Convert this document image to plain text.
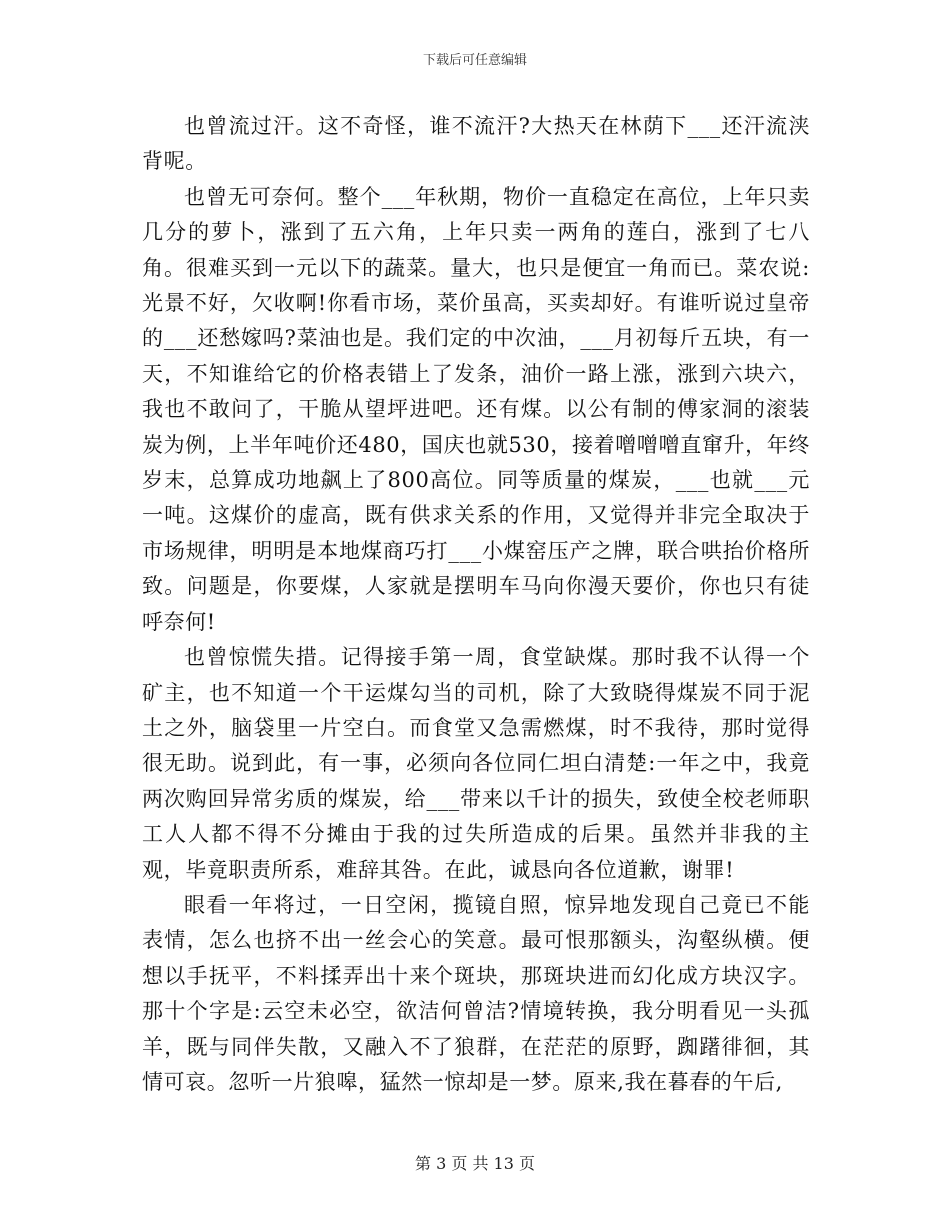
下载后可任意编辑

也曾流过汗。这不奇怪，谁不流汗?大热天在林荫下___还汗流浃背呢。

也曾无可奈何。整个___年秋期，物价一直稳定在高位，上年只卖几分的萝卜，涨到了五六角，上年只卖一两角的莲白，涨到了七八角。很难买到一元以下的蔬菜。量大，也只是便宜一角而已。菜农说:光景不好，欠收啊!你看市场，菜价虽高，买卖却好。有谁听说过皇帝的___还愁嫁吗?菜油也是。我们定的中次油，___月初每斤五块，有一天，不知谁给它的价格表错上了发条，油价一路上涨，涨到六块六，我也不敢问了，干脆从望坪进吧。还有煤。以公有制的傅家洞的滚装炭为例，上半年吨价还480，国庆也就530，接着噌噌噌直窜升，年终岁末，总算成功地飙上了800高位。同等质量的煤炭，___也就___元一吨。这煤价的虚高，既有供求关系的作用，又觉得并非完全取决于市场规律，明明是本地煤商巧打___小煤窑压产之牌，联合哄抬价格所致。问题是，你要煤，人家就是摆明车马向你漫天要价，你也只有徒呼奈何!

也曾惊慌失措。记得接手第一周，食堂缺煤。那时我不认得一个矿主，也不知道一个干运煤勾当的司机，除了大致晓得煤炭不同于泥土之外，脑袋里一片空白。而食堂又急需燃煤，时不我待，那时觉得很无助。说到此，有一事，必须向各位同仁坦白清楚:一年之中，我竟两次购回异常劣质的煤炭，给___带来以千计的损失，致使全校老师职工人人都不得不分摊由于我的过失所造成的后果。虽然并非我的主观，毕竟职责所系，难辞其咎。在此，诚恳向各位道歉，谢罪!

眼看一年将过，一日空闲，揽镜自照，惊异地发现自己竟已不能表情，怎么也挤不出一丝会心的笑意。最可恨那额头，沟壑纵横。便想以手抚平，不料揉弄出十来个斑块，那斑块进而幻化成方块汉字。那十个字是:云空未必空，欲洁何曾洁?情境转换，我分明看见一头孤羊，既与同伴失散，又融入不了狼群，在茫茫的原野，踟躇徘徊，其情可哀。忽听一片狼嗥，猛然一惊却是一梦。原来,我在暮春的午后,

第 3 页 共 13 页
